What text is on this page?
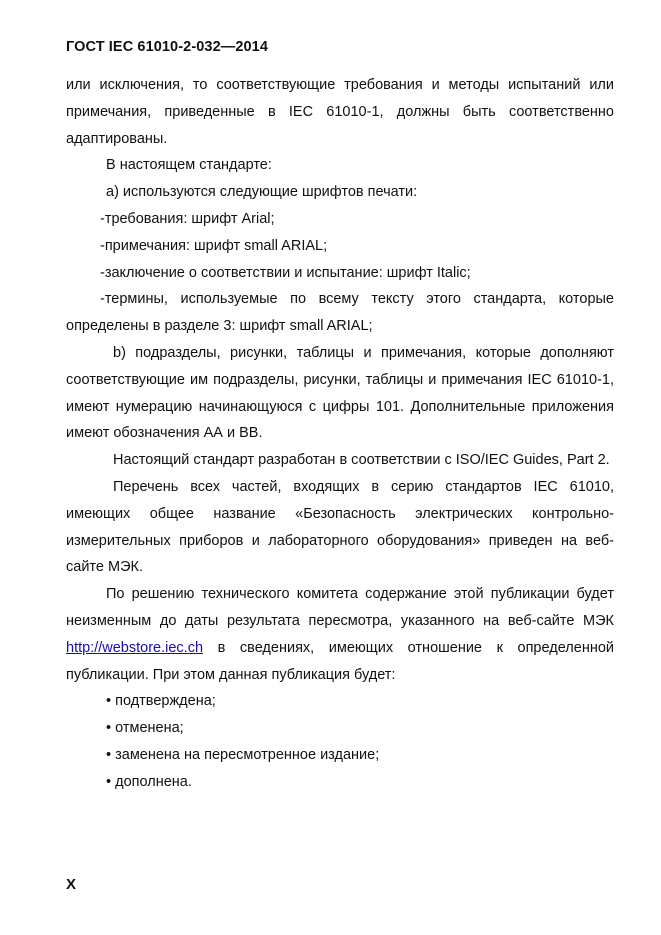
ГОСТ IEC 61010-2-032—2014

или исключения, то соответствующие требования и методы испытаний или примечания, приведенные в IEC 61010-1, должны быть соответственно адаптированы.

В настоящем стандарте:

а) используются следующие шрифтов печати:

-требования: шрифт Arial;

-примечания: шрифт small ARIAL;

-заключение о соответствии и испытание: шрифт Italic;

-термины, используемые по всему тексту этого стандарта, которые определены в разделе 3: шрифт small ARIAL;

b) подразделы, рисунки, таблицы и примечания, которые дополняют соответствующие им подразделы, рисунки, таблицы и примечания IEC 61010-1, имеют нумерацию начинающуюся с цифры 101. Дополнительные приложения имеют обозначения АА и ВВ.

Настоящий стандарт разработан в соответствии с ISO/IEC Guides, Part 2.

Перечень всех частей, входящих в серию стандартов IEC 61010, имеющих общее название «Безопасность электрических контрольно-измерительных приборов и лабораторного оборудования» приведен на веб-сайте МЭК.

По решению технического комитета содержание этой публикации будет неизменным до даты результата пересмотра, указанного на веб-сайте МЭК http://webstore.iec.ch в сведениях, имеющих отношение к определенной публикации. При этом данная публикация будет:

• подтверждена;

• отменена;

• заменена на пересмотренное издание;

• дополнена.

X
